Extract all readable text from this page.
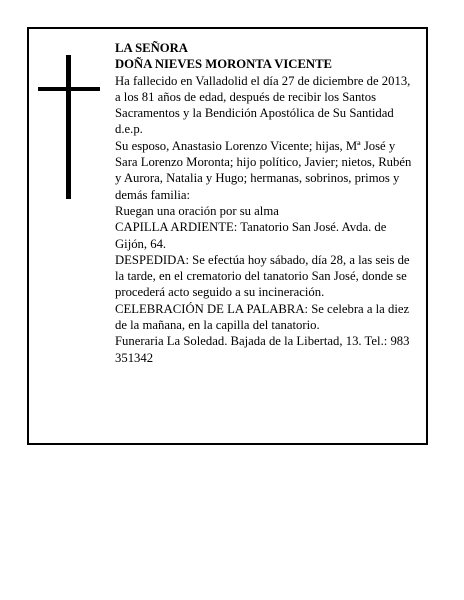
LA SEÑORA
DOÑA NIEVES MORONTA VICENTE
Ha fallecido en Valladolid el día 27 de diciembre de 2013, a los 81 años de edad, después de recibir los Santos Sacramentos y la Bendición Apostólica de Su Santidad
d.e.p.
Su esposo, Anastasio Lorenzo Vicente; hijas, Mª José y Sara Lorenzo Moronta; hijo político, Javier; nietos, Rubén y Aurora, Natalia y Hugo; hermanas, sobrinos, primos y demás familia:
Ruegan una oración por su alma
CAPILLA ARDIENTE: Tanatorio San José. Avda. de Gijón, 64.
DESPEDIDA: Se efectúa hoy sábado, día 28, a las seis de la tarde, en el crematorio del tanatorio San José, donde se procederá acto seguido a su incineración.
CELEBRACIÓN DE LA PALABRA: Se celebra a la diez de la mañana, en la capilla del tanatorio.
Funeraria La Soledad. Bajada de la Libertad, 13. Tel.: 983 351342
